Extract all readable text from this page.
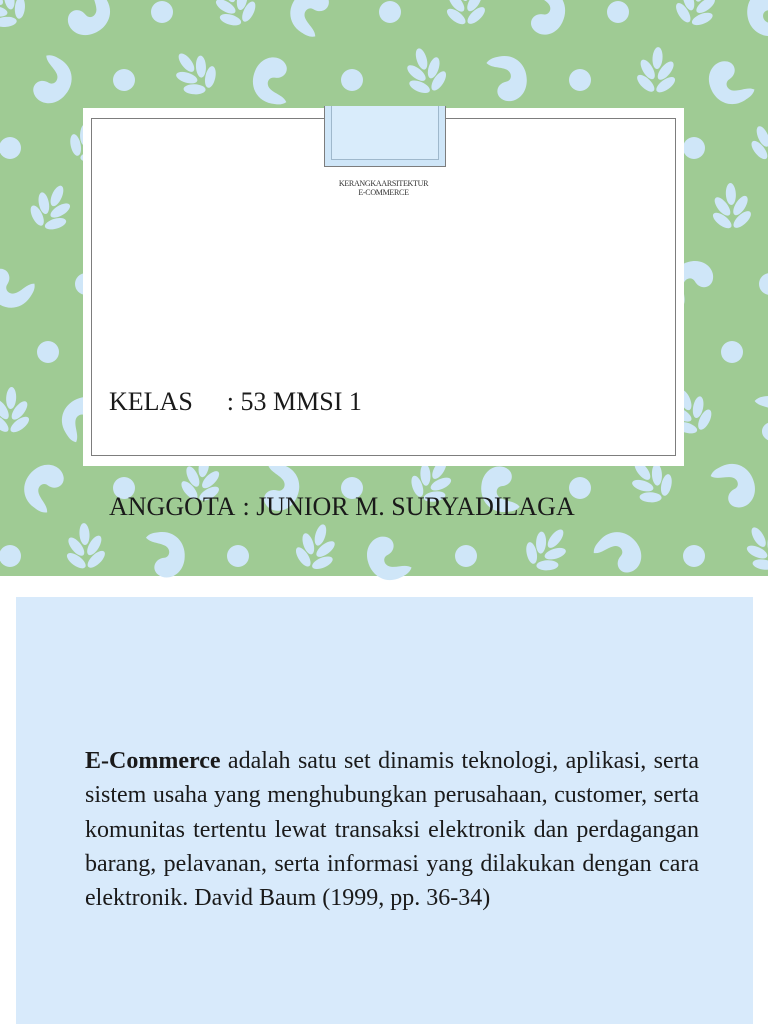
KERANGKAARSITEKTUR
E-COMMERCE

KELAS : 53 MMSI 1

ANGGOTA : JUNIOR M. SURYADILAGA

E-Commerce adalah satu set dinamis teknologi, aplikasi, serta sistem usaha yang menghubungkan perusahaan, customer, serta komunitas tertentu lewat transaksi elektronik dan perdagangan barang, pelavanan, serta informasi yang dilakukan dengan cara elektronik. David Baum (1999, pp. 36-34)
